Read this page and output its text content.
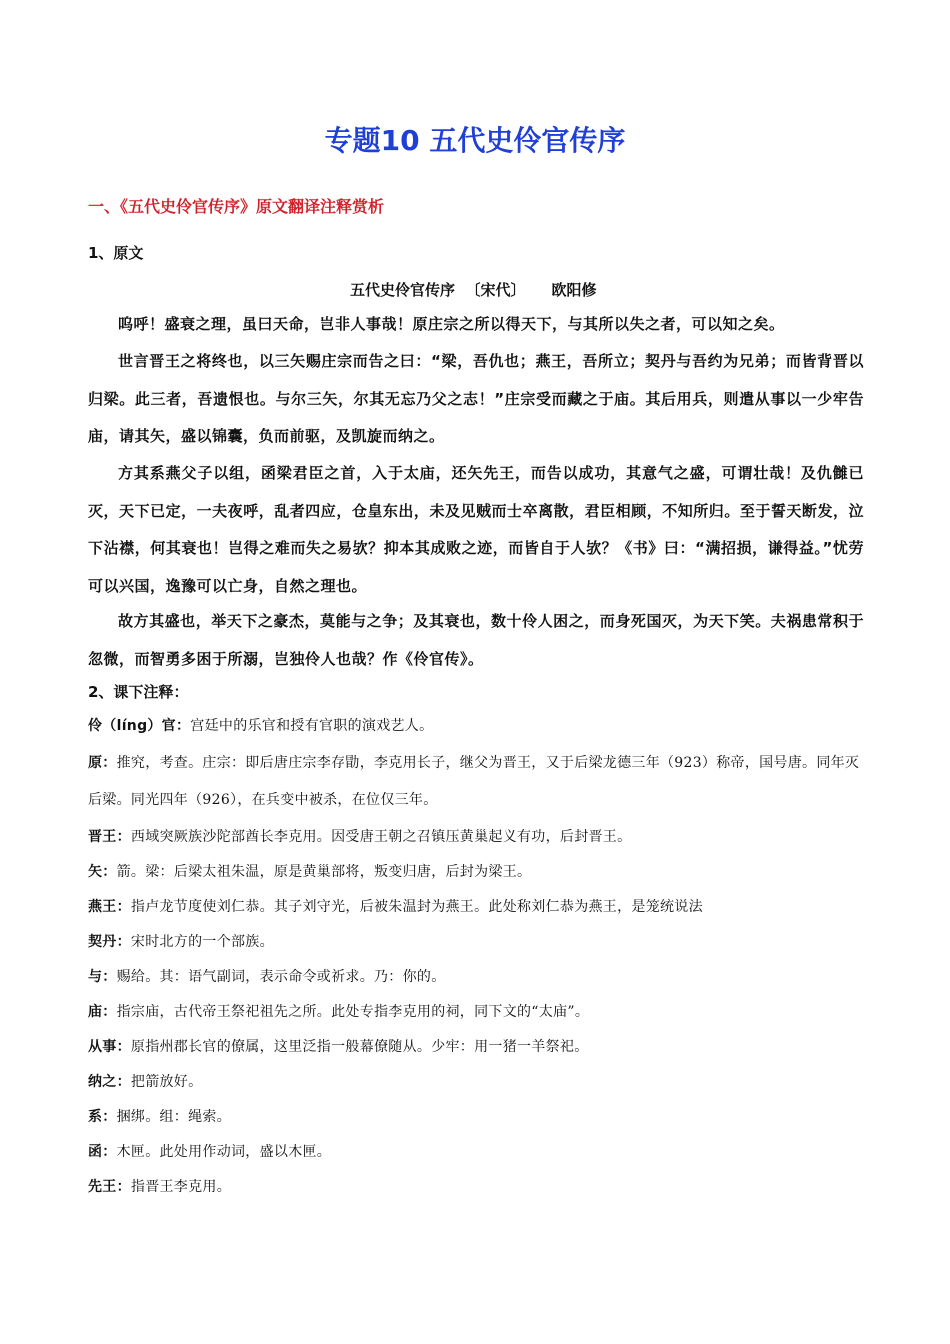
专题10 五代史伶官传序
一、《五代史伶官传序》原文翻译注释赏析
1、原文
五代史伶官传序  〔宋代〕     欧阳修

呜呼！盛衰之理，虽曰天命，岂非人事哉！原庄宗之所以得天下，与其所以失之者，可以知之矣。

世言晋王之将终也，以三矢赐庄宗而告之曰：“梁，吾仇也；燕王，吾所立；契丹与吾约为兄弟；而皆背晋以归梁。此三者，吾遗恨也。与尔三矢，尔其无忘乃父之志！”庄宗受而藏之于庙。其后用兵，则遣从事以一少牢告庙，请其矢，盛以锦囊，负而前驱，及凯旋而纳之。

方其系燕父子以组，函梁君臣之首，入于太庙，还矢先王，而告以成功，其意气之盛，可谓壮哉！及仇雠已灭，天下已定，一夫夜呼，乱者四应，仓皇东出，未及见贼而士卒离散，君臣相顾，不知所归。至于誓天断发，泣下沾襟，何其衰也！岂得之难而失之易欤？抑本其成败之迹，而皆自于人欤？《书》曰：“满招损，谦得益。”忧劳可以兴国，逸豫可以亡身，自然之理也。

故方其盛也，举天下之豪杰，莫能与之争；及其衰也，数十伶人困之，而身死国灭，为天下笑。夫祸患常积于忽微，而智勇多困于所溺，岂独伶人也哉？作《伶官传》。

2、课下注释：

伶（líng）官：宫廷中的乐官和授有官职的演戏艺人。

原：推究，考查。庄宗：即后唐庄宗李存勖，李克用长子，继父为晋王，又于后梁龙德三年（923）称帝，国号唐。同年灭后梁。同光四年（926），在兵变中被杀，在位仅三年。

晋王：西域突厥族沙陀部酋长李克用。因受唐王朝之召镇压黄巢起义有功，后封晋王。

矢：箭。梁：后梁太祖朱温，原是黄巢部将，叛变归唐，后封为梁王。

燕王：指卢龙节度使刘仁恭。其子刘守光，后被朱温封为燕王。此处称刘仁恭为燕王，是笼统说法

契丹：宋时北方的一个部族。

与：赐给。其：语气副词，表示命令或祈求。乃：你的。

庙：指宗庙，古代帝王祭祀祖先之所。此处专指李克用的祠，同下文的“太庙”。

从事：原指州郡长官的僚属，这里泛指一般幕僚随从。少牢：用一猪一羊祭祀。

纳之：把箭放好。

系：捆绑。组：绳索。

函：木匣。此处用作动词，盛以木匣。

先王：指晋王李克用。
